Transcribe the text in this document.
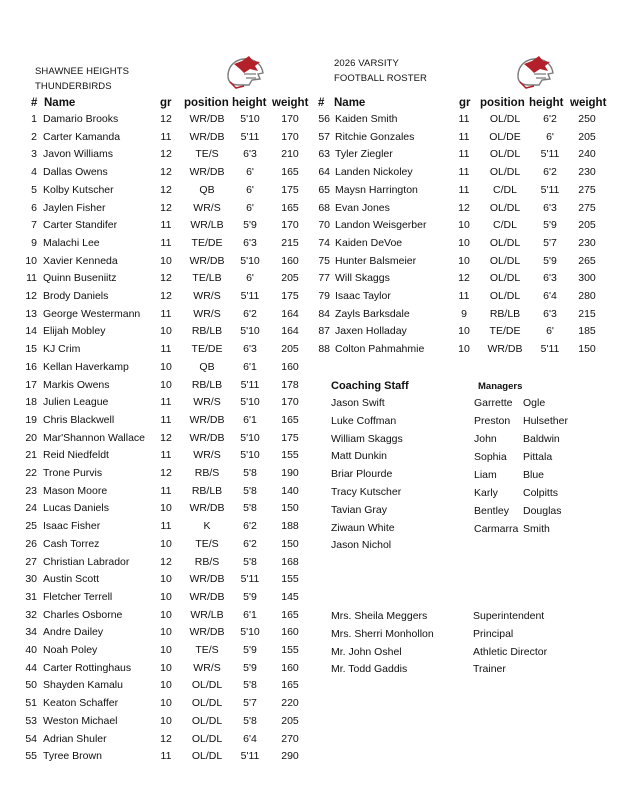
SHAWNEE HEIGHTS
THUNDERBIRDS
2026 VARSITY
FOOTBALL ROSTER
# Name	gr position height weight # Name	gr position height weight
1 Damario Brooks	12	WR/DB	5'10	170
2 Carter Kamanda	11	WR/DB	5'11	170
3 Javon Williams	12	TE/S	6'3	210
4 Dallas Owens	12	WR/DB	6'	165
5 Kolby Kutscher	12	QB	6'	175
6 Jaylen Fisher	12	WR/S	6'	165
7 Carter Standifer	11	WR/LB	5'9	170
9 Malachi Lee	11	TE/DE	6'3	215
10 Xavier Kenneda	10	WR/DB	5'10	160
11 Quinn Buseniitz	12	TE/LB	6'	205
12 Brody Daniels	12	WR/S	5'11	175
13 George Westermann	11	WR/S	6'2	164
14 Elijah Mobley	10	RB/LB	5'10	164
15 KJ Crim	11	TE/DE	6'3	205
16 Kellan Haverkamp	10	QB	6'1	160
17 Markis Owens	10	RB/LB	5'11	178
18 Julien League	11	WR/S	5'10	170
19 Chris Blackwell	11	WR/DB	6'1	165
20 Mar'Shannon Wallace	12	WR/DB	5'10	175
21 Reid Niedfeldt	11	WR/S	5'10	155
22 Trone Purvis	12	RB/S	5'8	190
23 Mason Moore	11	RB/LB	5'8	140
24 Lucas Daniels	10	WR/DB	5'8	150
25 Isaac Fisher	11	K	6'2	188
26 Cash Torrez	10	TE/S	6'2	150
27 Christian Labrador	12	RB/S	5'8	168
30 Austin Scott	10	WR/DB	5'11	155
31 Fletcher Terrell	10	WR/DB	5'9	145
32 Charles Osborne	10	WR/LB	6'1	165
34 Andre Dailey	10	WR/DB	5'10	160
40 Noah Poley	10	TE/S	5'9	155
44 Carter Rottinghaus	10	WR/S	5'9	160
50 Shayden Kamalu	10	OL/DL	5'8	165
51 Keaton Schaffer	10	OL/DL	5'7	220
53 Weston Michael	10	OL/DL	5'8	205
54 Adrian Shuler	12	OL/DL	6'4	270
55 Tyree Brown	11	OL/DL	5'11	290
56 Kaiden Smith	11	OL/DL	6'2	250
57 Ritchie Gonzales	11	OL/DE	6'	205
63 Tyler Ziegler	11	OL/DL	5'11	240
64 Landen Nickoley	11	OL/DL	6'2	230
65 Maysn Harrington	11	C/DL	5'11	275
68 Evan Jones	12	OL/DL	6'3	275
70 Landon Weisgerber	10	C/DL	5'9	205
74 Kaiden DeVoe	10	OL/DL	5'7	230
75 Hunter Balsmeier	10	OL/DL	5'9	265
77 Will Skaggs	12	OL/DL	6'3	300
79 Isaac Taylor	11	OL/DL	6'4	280
84 Zayls Barksdale	9	RB/LB	6'3	215
87 Jaxen Holladay	10	TE/DE	6'	185
88 Colton Pahmahmie	10	WR/DB	5'11	150
Coaching Staff
Jason Swift
Luke Coffman
William Skaggs
Matt Dunkin
Briar Plourde
Tracy Kutscher
Tavian Gray
Ziwaun White
Jason Nichol
Managers
Garrette Ogle
Preston Hulsether
John Baldwin
Sophia Pittala
Liam Blue
Karly Colpitts
Bentley Douglas
Carmarra Smith
Mrs. Sheila Meggers	Superintendent
Mrs. Sherri Monhollon	Principal
Mr. John Oshel	Athletic Director
Mr. Todd Gaddis	Trainer
